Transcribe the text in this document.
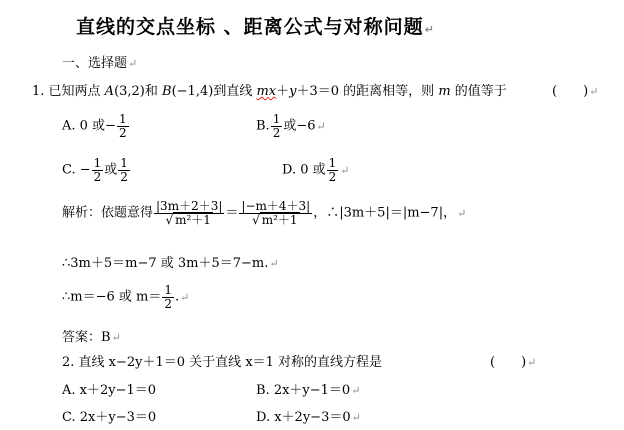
直线的交点坐标 、距离公式与对称问题↵
一、选择题↵
1. 已知两点 A(3,2)和 B(−1,4)到直线 mx＋y＋3＝0 的距离相等，则 m 的值等于	(　　)↵
A. 0 或− $\frac{1}{2}$	B. $\frac{1}{2}$ 或−6↵
C. − $\frac{1}{2}$ 或 $\frac{1}{2}$	D. 0 或 $\frac{1}{2}$ ↵
解析：依题意得 $\frac{|3m+2+3|}{\text{√ m²＋1}} = \frac{|-m+4+3|}{\text{√ m²＋1}}$ ，∴|3m＋5|＝|m−7|，↵
∴3m＋5＝m−7 或 3m＋5＝7−m.↵
∴m＝−6 或 $m= \frac{1}{2}$ .↵
答案：B↵
2. 直线 x−2y＋1＝0 关于直线 x＝1 对称的直线方程是	(　　)↵
A. x＋2y−1＝0	B. 2x＋y−1＝0↵
C. 2x＋y−3＝0	D. x＋2y−3＝0↵
